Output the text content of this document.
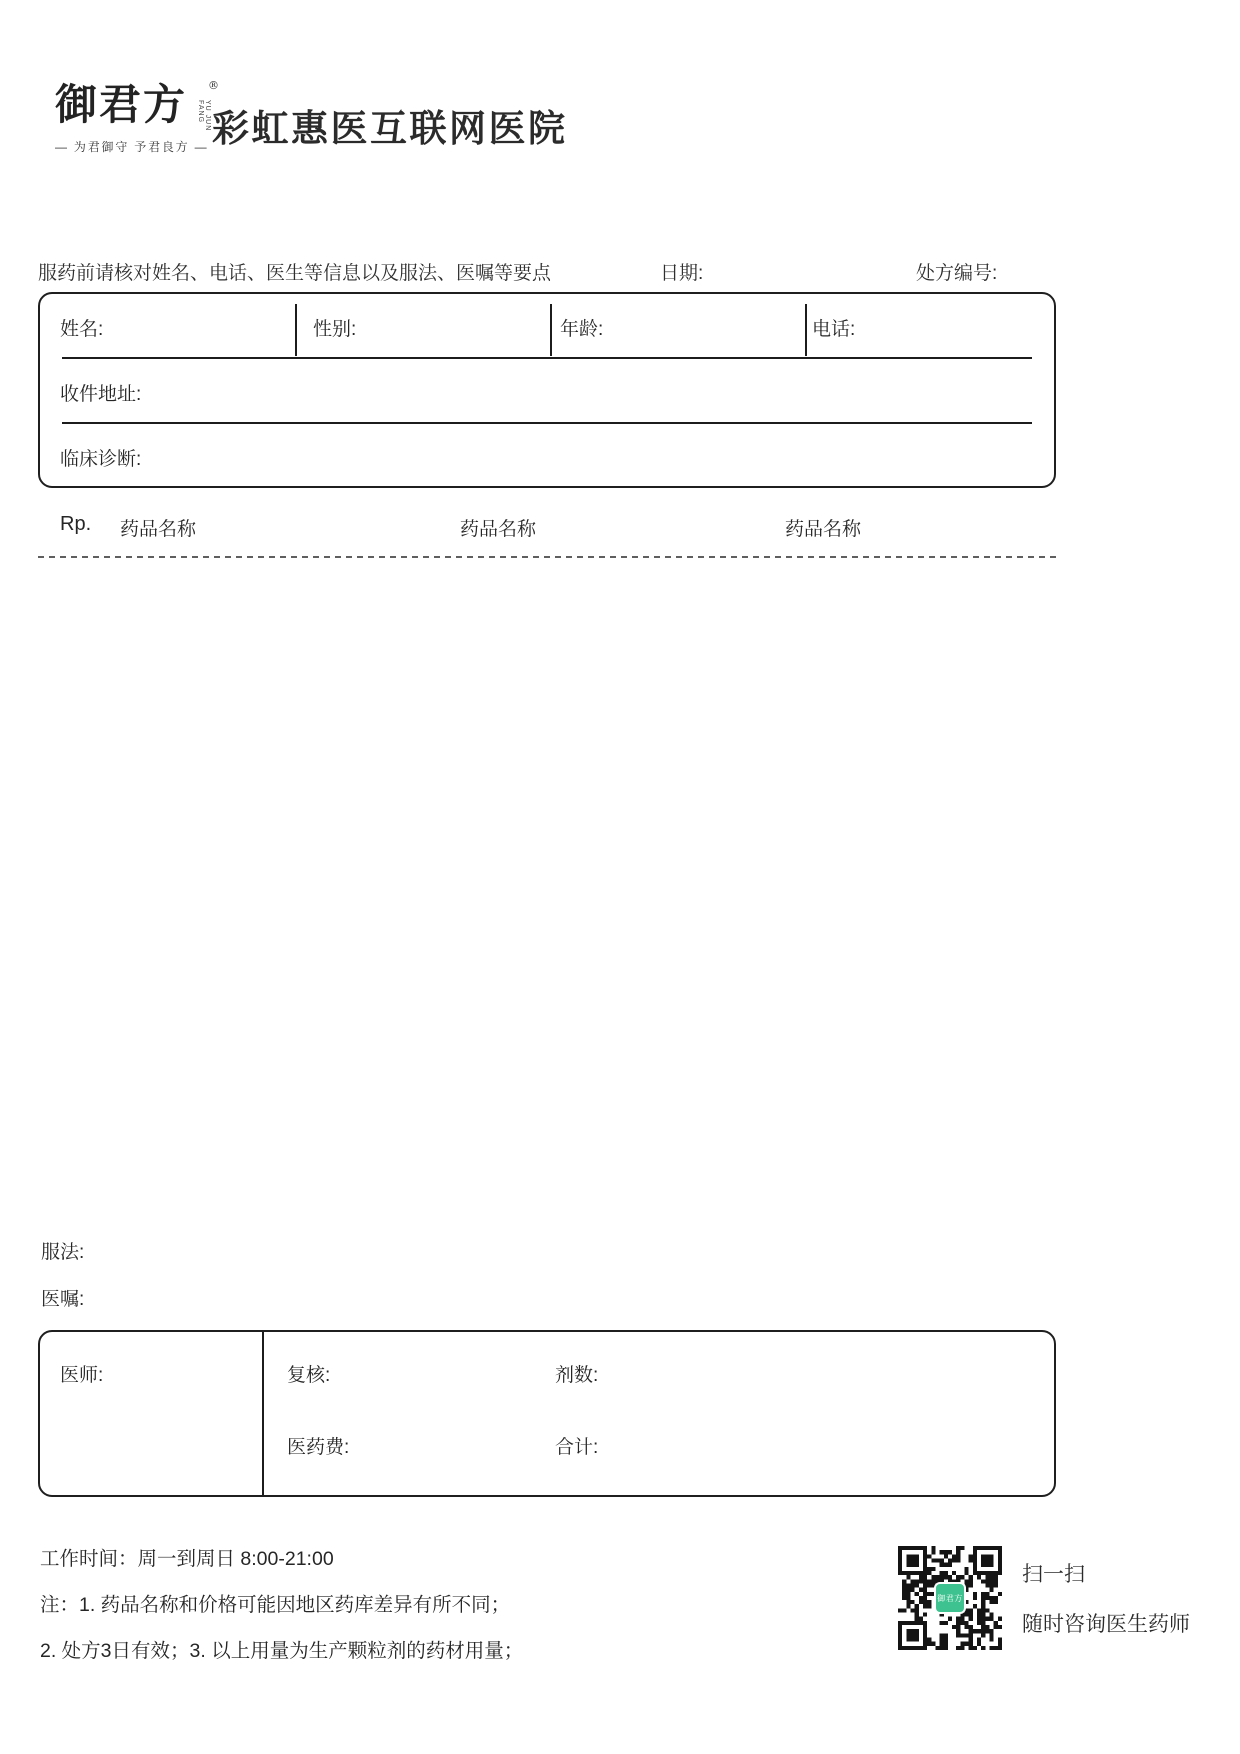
御君方 ®
YU JUN FANG
— 为君御守 予君良方 — 彩虹惠医互联网医院
服药前请核对姓名、电话、医生等信息以及服法、医嘱等要点	日期:	处方编号:
姓名:	性别:	年龄:	电话:
收件地址:
临床诊断:
Rp. 药品名称	药品名称	药品名称
服法:
医嘱:
医师:	复核:	剂数:
医药费:	合计:
工作时间：周一到周日 8:00-21:00
注：1. 药品名称和价格可能因地区药库差异有所不同；
2. 处方3日有效；3. 以上用量为生产颗粒剂的药材用量；
御君方
扫一扫
随时咨询医生药师
